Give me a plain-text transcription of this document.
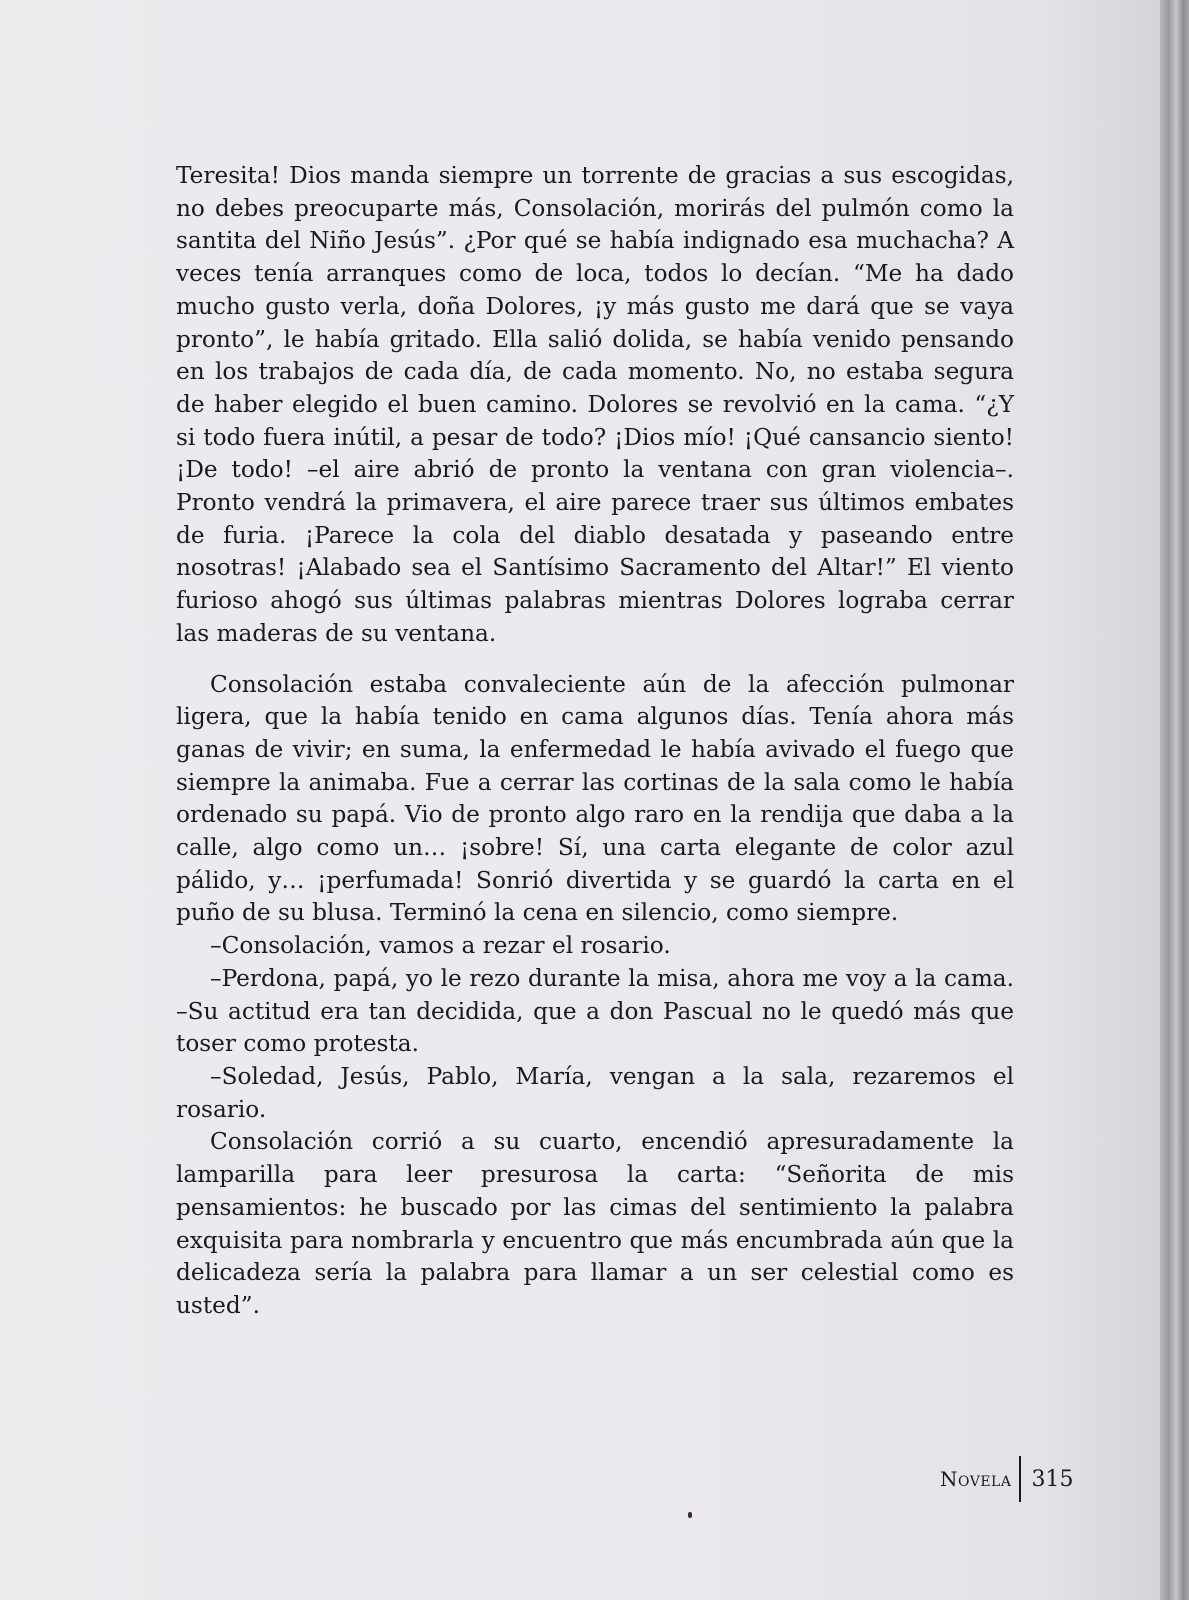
Teresita! Dios manda siempre un torrente de gracias a sus escogidas, no debes preocuparte más, Consolación, morirás del pulmón como la santita del Niño Jesús”. ¿Por qué se había indignado esa muchacha? A veces tenía arranques como de loca, todos lo decían. “Me ha dado mucho gusto verla, doña Dolores, ¡y más gusto me dará que se vaya pronto”, le había gritado. Ella salió dolida, se había venido pensando en los trabajos de cada día, de cada momento. No, no estaba segura de haber elegido el buen camino. Dolores se revolvió en la cama. “¿Y si todo fuera inútil, a pesar de todo? ¡Dios mío! ¡Qué cansancio siento! ¡De todo! –el aire abrió de pronto la ventana con gran violencia–. Pronto vendrá la primavera, el aire parece traer sus últimos embates de furia. ¡Parece la cola del diablo desatada y paseando entre nosotras! ¡Alabado sea el Santísimo Sacramento del Altar!” El viento furioso ahogó sus últimas palabras mientras Dolores lograba cerrar las maderas de su ventana.

Consolación estaba convaleciente aún de la afección pulmonar ligera, que la había tenido en cama algunos días. Tenía ahora más ganas de vivir; en suma, la enfermedad le había avivado el fuego que siempre la animaba. Fue a cerrar las cortinas de la sala como le había ordenado su papá. Vio de pronto algo raro en la rendija que daba a la calle, algo como un… ¡sobre! Sí, una carta elegante de color azul pálido, y… ¡perfumada! Sonrió divertida y se guardó la carta en el puño de su blusa. Terminó la cena en silencio, como siempre.

–Consolación, vamos a rezar el rosario.

–Perdona, papá, yo le rezo durante la misa, ahora me voy a la cama. –Su actitud era tan decidida, que a don Pascual no le quedó más que toser como protesta.

–Soledad, Jesús, Pablo, María, vengan a la sala, rezaremos el rosario.

Consolación corrió a su cuarto, encendió apresuradamente la lamparilla para leer presurosa la carta: “Señorita de mis pensamientos: he buscado por las cimas del sentimiento la palabra exquisita para nombrarla y encuentro que más encumbrada aún que la delicadeza sería la palabra para llamar a un ser celestial como es usted”.

Novela 315
